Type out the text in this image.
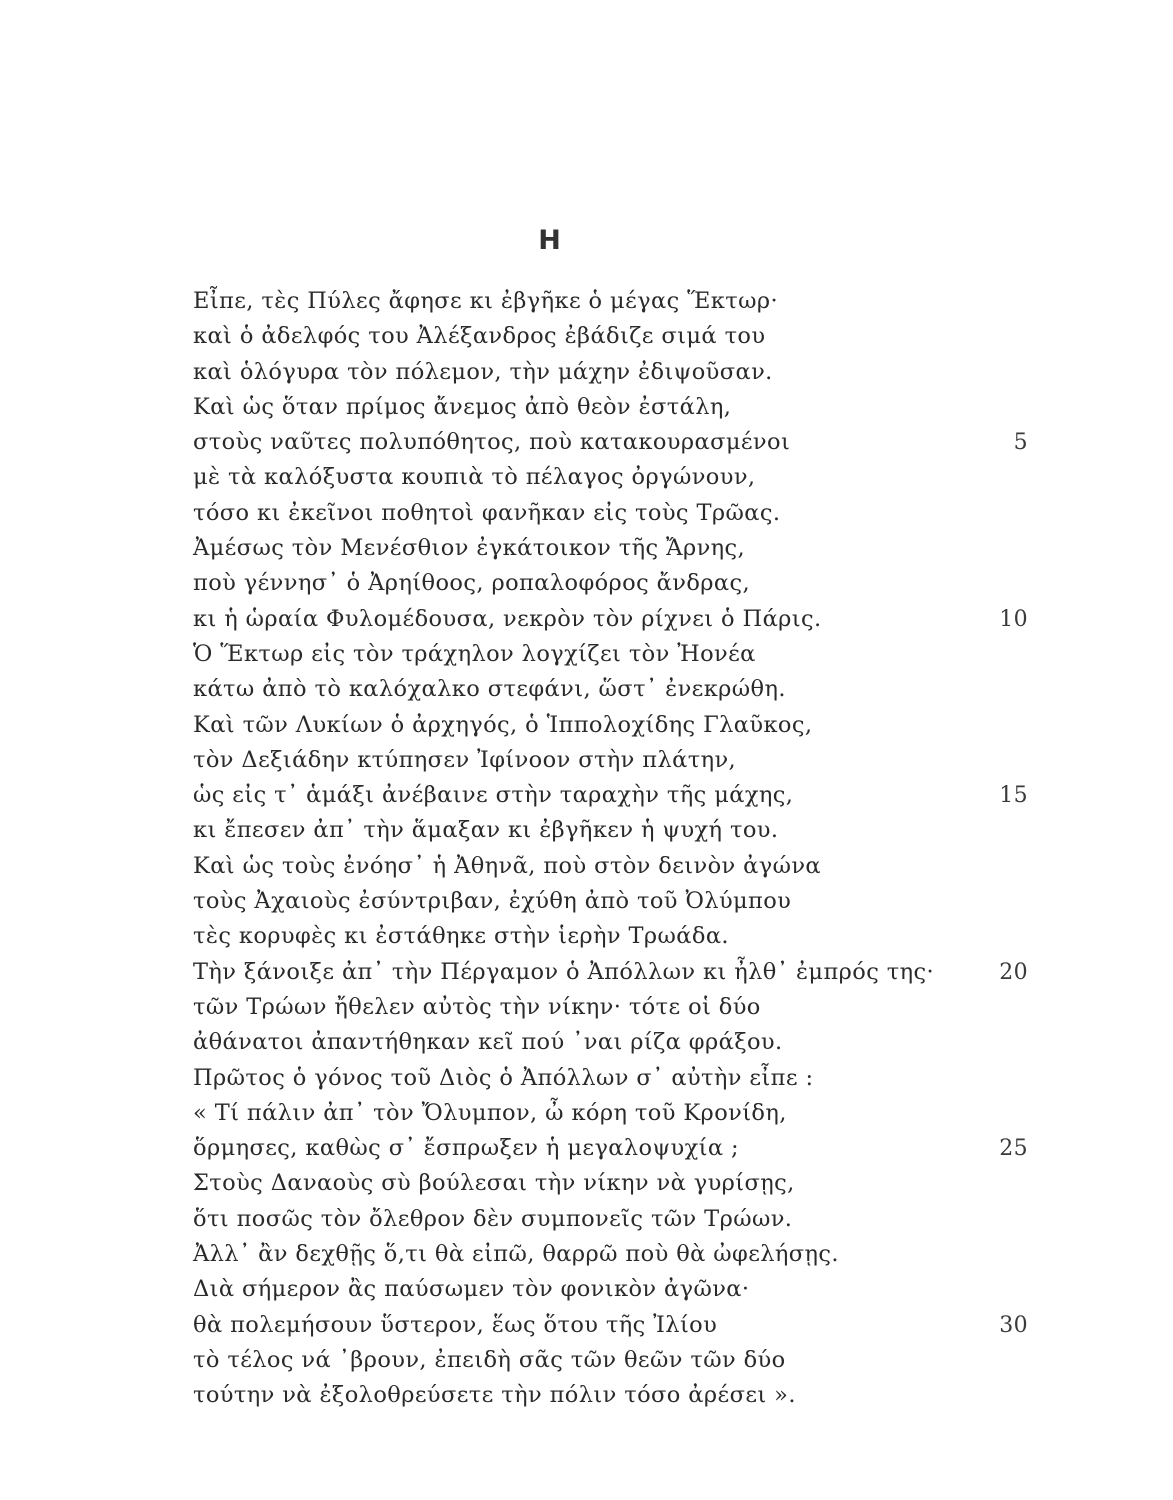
Η
Εἶπε, τὲς Πύλες ἄφησε κι ἐβγῆκε ὁ μέγας Ἕκτωρ·
καὶ ὁ ἀδελφός του Ἀλέξανδρος ἐβάδιζε σιμά του
καὶ ὁλόγυρα τὸν πόλεμον, τὴν μάχην ἐδιψοῦσαν.
Καὶ ὡς ὅταν πρίμος ἄνεμος ἀπὸ θεὸν ἐστάλη,
στοὺς ναῦτες πολυπόθητος, ποὺ κατακουρασμένοι	5
μὲ τὰ καλόξυστα κουπιὰ τὸ πέλαγος ὀργώνουν,
τόσο κι ἐκεῖνοι ποθητοὶ φανῆκαν εἰς τοὺς Τρῶας.
Ἀμέσως τὸν Μενέσθιον ἐγκάτοικον τῆς Ἄρνης,
ποὺ γέννησ᾿ ὁ Ἀρηίθοος, ροπαλοφόρος ἄνδρας,
κι ἡ ὡραία Φυλομέδουσα, νεκρὸν τὸν ρίχνει ὁ Πάρις.	10
Ὁ Ἕκτωρ εἰς τὸν τράχηλον λογχίζει τὸν Ἠονέα
κάτω ἀπὸ τὸ καλόχαλκο στεφάνι, ὥστ᾿ ἐνεκρώθη.
Καὶ τῶν Λυκίων ὁ ἀρχηγός, ὁ Ἱππολοχίδης Γλαῦκος,
τὸν Δεξιάδην κτύπησεν Ἰφίνοον στὴν πλάτην,
ὡς εἰς τ᾿ ἁμάξι ἀνέβαινε στὴν ταραχὴν τῆς μάχης,	15
κι ἔπεσεν ἀπ᾿ τὴν ἅμαξαν κι ἐβγῆκεν ἡ ψυχή του.
Καὶ ὡς τοὺς ἐνόησ᾿ ἡ Ἀθηνᾶ, ποὺ στὸν δεινὸν ἀγώνα
τοὺς Ἀχαιοὺς ἐσύντριβαν, ἐχύθη ἀπὸ τοῦ Ὀλύμπου
τὲς κορυφὲς κι ἐστάθηκε στὴν ἱερὴν Τρωάδα.
Τὴν ξάνοιξε ἀπ᾿ τὴν Πέργαμον ὁ Ἀπόλλων κι ἦλθ᾿ ἐμπρός της·	20
τῶν Τρώων ἤθελεν αὐτὸς τὴν νίκην· τότε οἱ δύο
ἀθάνατοι ἀπαντήθηκαν κεῖ πού ᾿ναι ρίζα φράξου.
Πρῶτος ὁ γόνος τοῦ Διὸς ὁ Ἀπόλλων σ᾿ αὐτὴν εἶπε :
« Τί πάλιν ἀπ᾿ τὸν Ὄλυμπον, ὦ κόρη τοῦ Κρονίδη,
ὅρμησες, καθὼς σ᾿ ἔσπρωξεν ἡ μεγαλοψυχία ;	25
Στοὺς Δαναοὺς σὺ βούλεσαι τὴν νίκην νὰ γυρίσῃς,
ὅτι ποσῶς τὸν ὄλεθρον δὲν συμπονεῖς τῶν Τρώων.
Ἀλλ᾿ ἂν δεχθῇς ὅ,τι θὰ εἰπῶ, θαρρῶ ποὺ θὰ ὠφελήσῃς.
Διὰ σήμερον ἂς παύσωμεν τὸν φονικὸν ἀγῶνα·
θὰ πολεμήσουν ὕστερον, ἕως ὅτου τῆς Ἰλίου	30
τὸ τέλος νά ᾿βρουν, ἐπειδὴ σᾶς τῶν θεῶν τῶν δύο
τούτην νὰ ἐξολοθρεύσετε τὴν πόλιν τόσο ἀρέσει ».
